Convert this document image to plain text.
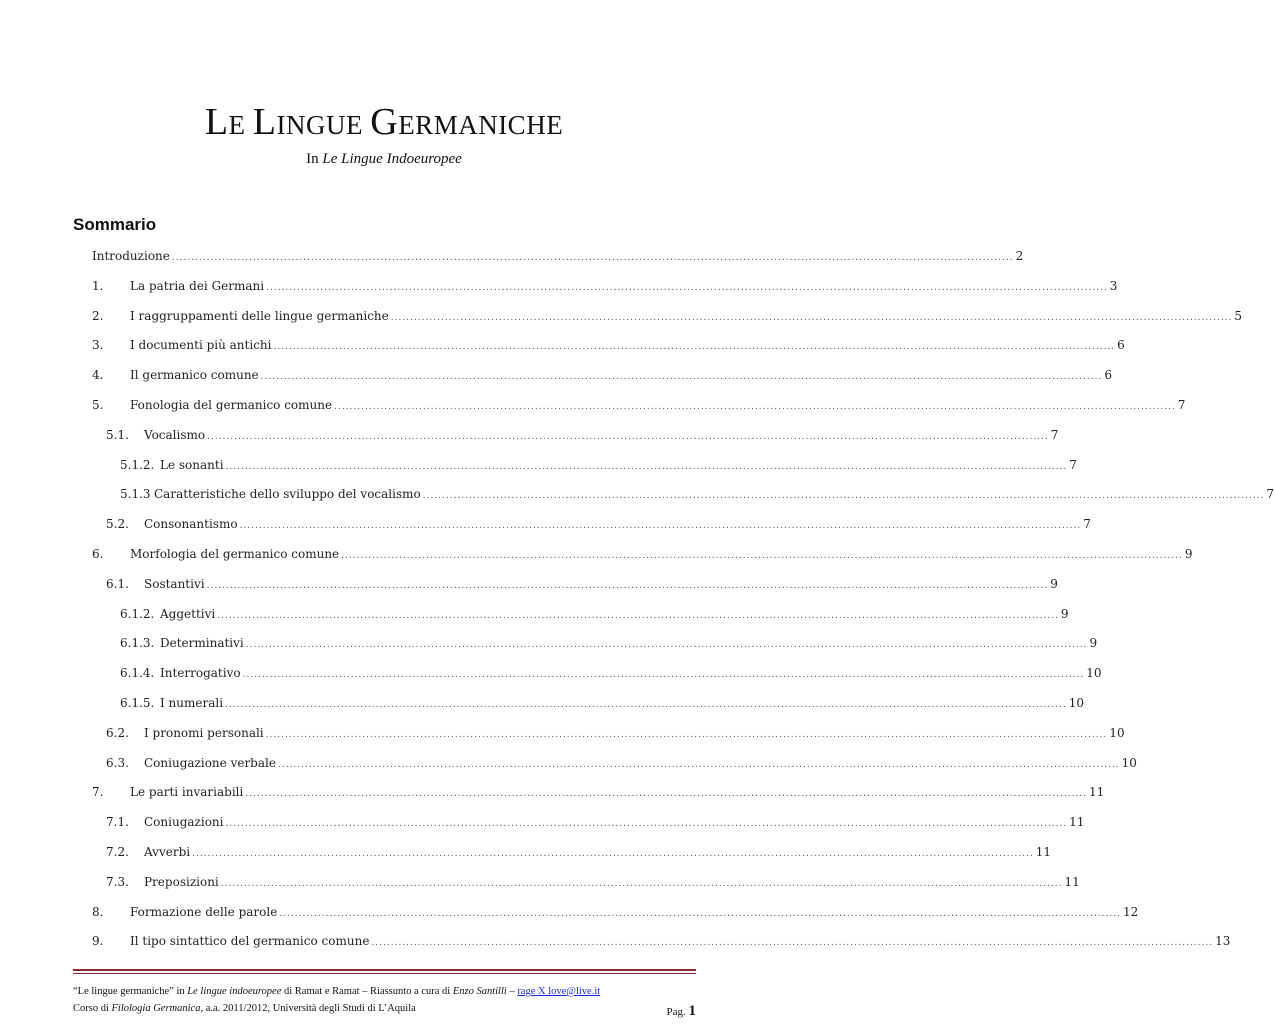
LE LINGUE GERMANICHE
In Le Lingue Indoeuropee
Sommario
Introduzione .......................................................................................................................................................................................................................... 2
1.	La patria dei Germani .......................................................................................................................................................................................................................... 3
2.	I raggruppamenti delle lingue germaniche .......................................................................................................................................................................................................................... 5
3.	I documenti più antichi .......................................................................................................................................................................................................................... 6
4.	Il germanico comune .......................................................................................................................................................................................................................... 6
5.	Fonologia del germanico comune .......................................................................................................................................................................................................................... 7
5.1.	Vocalismo .......................................................................................................................................................................................................................... 7
5.1.2. Le sonanti .......................................................................................................................................................................................................................... 7
5.1.3 Caratteristiche dello sviluppo del vocalismo .......................................................................................................................................................................................................................... 7
5.2.	Consonantismo .......................................................................................................................................................................................................................... 7
6.	Morfologia del germanico comune .......................................................................................................................................................................................................................... 9
6.1.	Sostantivi .......................................................................................................................................................................................................................... 9
6.1.2. Aggettivi .......................................................................................................................................................................................................................... 9
6.1.3. Determinativi .......................................................................................................................................................................................................................... 9
6.1.4. Interrogativo .......................................................................................................................................................................................................................... 10
6.1.5. I numerali .......................................................................................................................................................................................................................... 10
6.2.	I pronomi personali .......................................................................................................................................................................................................................... 10
6.3.	Coniugazione verbale .......................................................................................................................................................................................................................... 10
7.	Le parti invariabili .......................................................................................................................................................................................................................... 11
7.1.	Coniugazioni .......................................................................................................................................................................................................................... 11
7.2.	Avverbi .......................................................................................................................................................................................................................... 11
7.3.	Preposizioni .......................................................................................................................................................................................................................... 11
8.	Formazione delle parole .......................................................................................................................................................................................................................... 12
9.	Il tipo sintattico del germanico comune .......................................................................................................................................................................................................................... 13
“Le lingue germaniche” in Le lingue indoeuropee di Ramat e Ramat – Riassunto a cura di Enzo Santilli – rage X love@live.it
Corso di Filologia Germanica, a.a. 2011/2012, Università degli Studi di L’Aquila	Pag. 1
